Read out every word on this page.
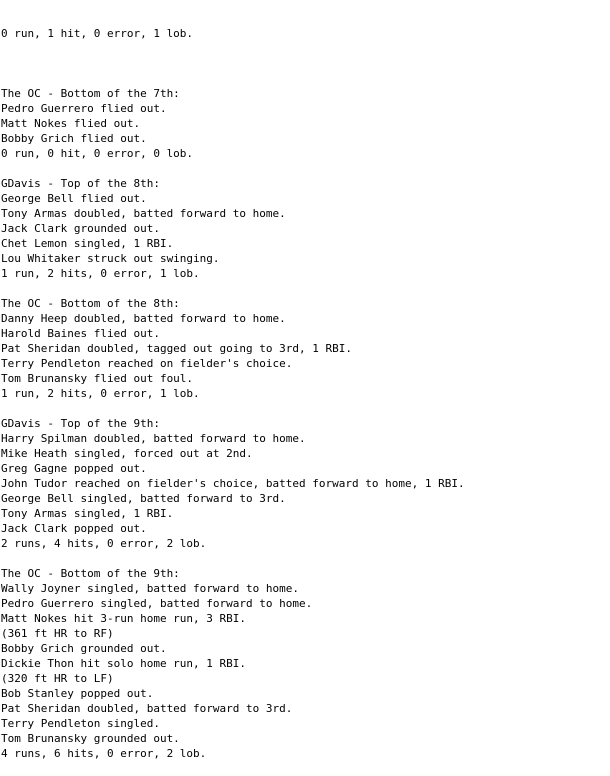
0 run, 1 hit, 0 error, 1 lob.

The OC - Bottom of the 7th:
Pedro Guerrero flied out.
Matt Nokes flied out.
Bobby Grich flied out.
0 run, 0 hit, 0 error, 0 lob.
GDavis - Top of the 8th:
George Bell flied out.
Tony Armas doubled, batted forward to home.
Jack Clark grounded out.
Chet Lemon singled, 1 RBI.
Lou Whitaker struck out swinging.
1 run, 2 hits, 0 error, 1 lob.
The OC - Bottom of the 8th:
Danny Heep doubled, batted forward to home.
Harold Baines flied out.
Pat Sheridan doubled, tagged out going to 3rd, 1 RBI.
Terry Pendleton reached on fielder's choice.
Tom Brunansky flied out foul.
1 run, 2 hits, 0 error, 1 lob.
GDavis - Top of the 9th:
Harry Spilman doubled, batted forward to home.
Mike Heath singled, forced out at 2nd.
Greg Gagne popped out.
John Tudor reached on fielder's choice, batted forward to home, 1 RBI.
George Bell singled, batted forward to 3rd.
Tony Armas singled, 1 RBI.
Jack Clark popped out.
2 runs, 4 hits, 0 error, 2 lob.
The OC - Bottom of the 9th:
Wally Joyner singled, batted forward to home.
Pedro Guerrero singled, batted forward to home.
Matt Nokes hit 3-run home run, 3 RBI.
(361 ft HR to RF)
Bobby Grich grounded out.
Dickie Thon hit solo home run, 1 RBI.
(320 ft HR to LF)
Bob Stanley popped out.
Pat Sheridan doubled, batted forward to 3rd.
Terry Pendleton singled.
Tom Brunansky grounded out.
4 runs, 6 hits, 0 error, 2 lob.
